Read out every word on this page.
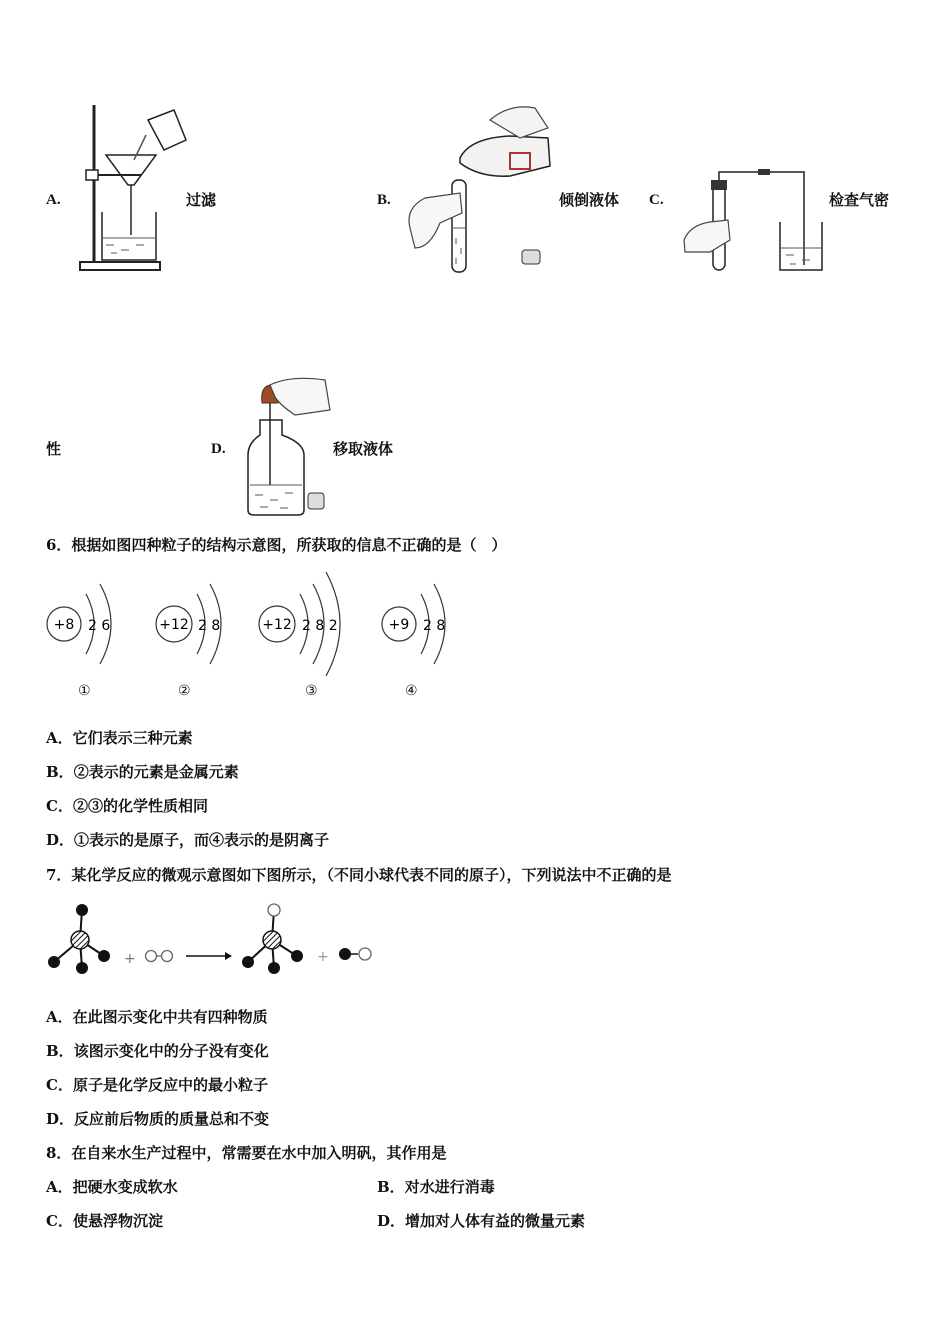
A.	过滤	B.	倾倒液体 C.	检查气密
性	D.	移取液体
6．根据如图四种粒子的结构示意图，所获取的信息不正确的是（　）
+8 2 6
①
+12 2 8
②
+12 2 8 2
③
+9 2 8
④
A．它们表示三种元素
B．②表示的元素是金属元素
C．②③的化学性质相同
D．①表示的是原子，而④表示的是阴离子
7．某化学反应的微观示意图如下图所示，（不同小球代表不同的原子），下列说法中不正确的是
+	+
A．在此图示变化中共有四种物质
B．该图示变化中的分子没有变化
C．原子是化学反应中的最小粒子
D．反应前后物质的质量总和不变
8．在自来水生产过程中，常需要在水中加入明矾，其作用是
A．把硬水变成软水	B．对水进行消毒
C．使悬浮物沉淀	D．增加对人体有益的微量元素
